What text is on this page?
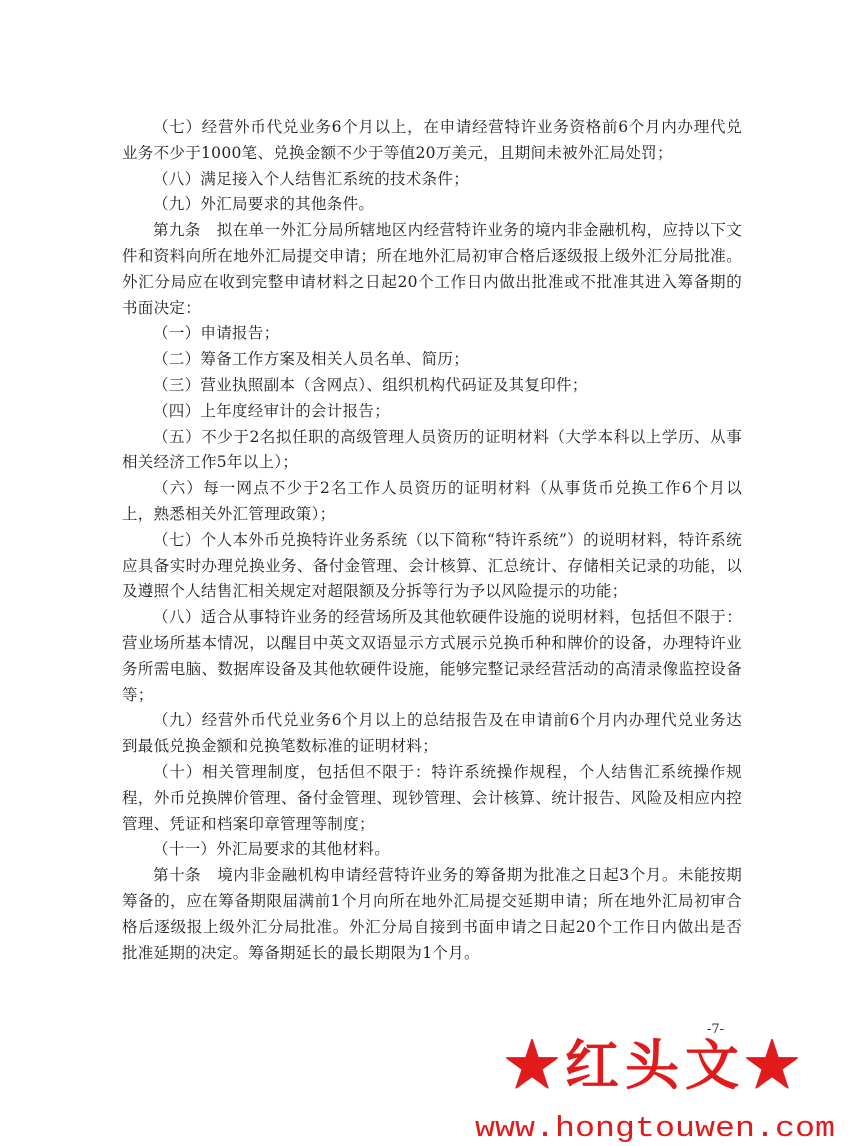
（七）经营外币代兑业务6个月以上，在申请经营特许业务资格前6个月内办理代兑业务不少于1000笔、兑换金额不少于等值20万美元，且期间未被外汇局处罚；

（八）满足接入个人结售汇系统的技术条件；

（九）外汇局要求的其他条件。

第九条　拟在单一外汇分局所辖地区内经营特许业务的境内非金融机构，应持以下文件和资料向所在地外汇局提交申请；所在地外汇局初审合格后逐级报上级外汇分局批准。外汇分局应在收到完整申请材料之日起20个工作日内做出批准或不批准其进入筹备期的书面决定：

（一）申请报告；

（二）筹备工作方案及相关人员名单、简历；

（三）营业执照副本（含网点）、组织机构代码证及其复印件；

（四）上年度经审计的会计报告；

（五）不少于2名拟任职的高级管理人员资历的证明材料（大学本科以上学历、从事相关经济工作5年以上）；

（六）每一网点不少于2名工作人员资历的证明材料（从事货币兑换工作6个月以上，熟悉相关外汇管理政策）；

（七）个人本外币兑换特许业务系统（以下简称“特许系统”）的说明材料，特许系统应具备实时办理兑换业务、备付金管理、会计核算、汇总统计、存储相关记录的功能，以及遵照个人结售汇相关规定对超限额及分拆等行为予以风险提示的功能；

（八）适合从事特许业务的经营场所及其他软硬件设施的说明材料，包括但不限于：营业场所基本情况，以醒目中英文双语显示方式展示兑换币种和牌价的设备，办理特许业务所需电脑、数据库设备及其他软硬件设施，能够完整记录经营活动的高清录像监控设备等；

（九）经营外币代兑业务6个月以上的总结报告及在申请前6个月内办理代兑业务达到最低兑换金额和兑换笔数标准的证明材料；

（十）相关管理制度，包括但不限于：特许系统操作规程，个人结售汇系统操作规程，外币兑换牌价管理、备付金管理、现钞管理、会计核算、统计报告、风险及相应内控管理、凭证和档案印章管理等制度；

（十一）外汇局要求的其他材料。

第十条　境内非金融机构申请经营特许业务的筹备期为批准之日起3个月。未能按期筹备的，应在筹备期限届满前1个月向所在地外汇局提交延期申请；所在地外汇局初审合格后逐级报上级外汇分局批准。外汇分局自接到书面申请之日起20个工作日内做出是否批准延期的决定。筹备期延长的最长期限为1个月。

-7-
★红头文★
www.hongtouwen.com
